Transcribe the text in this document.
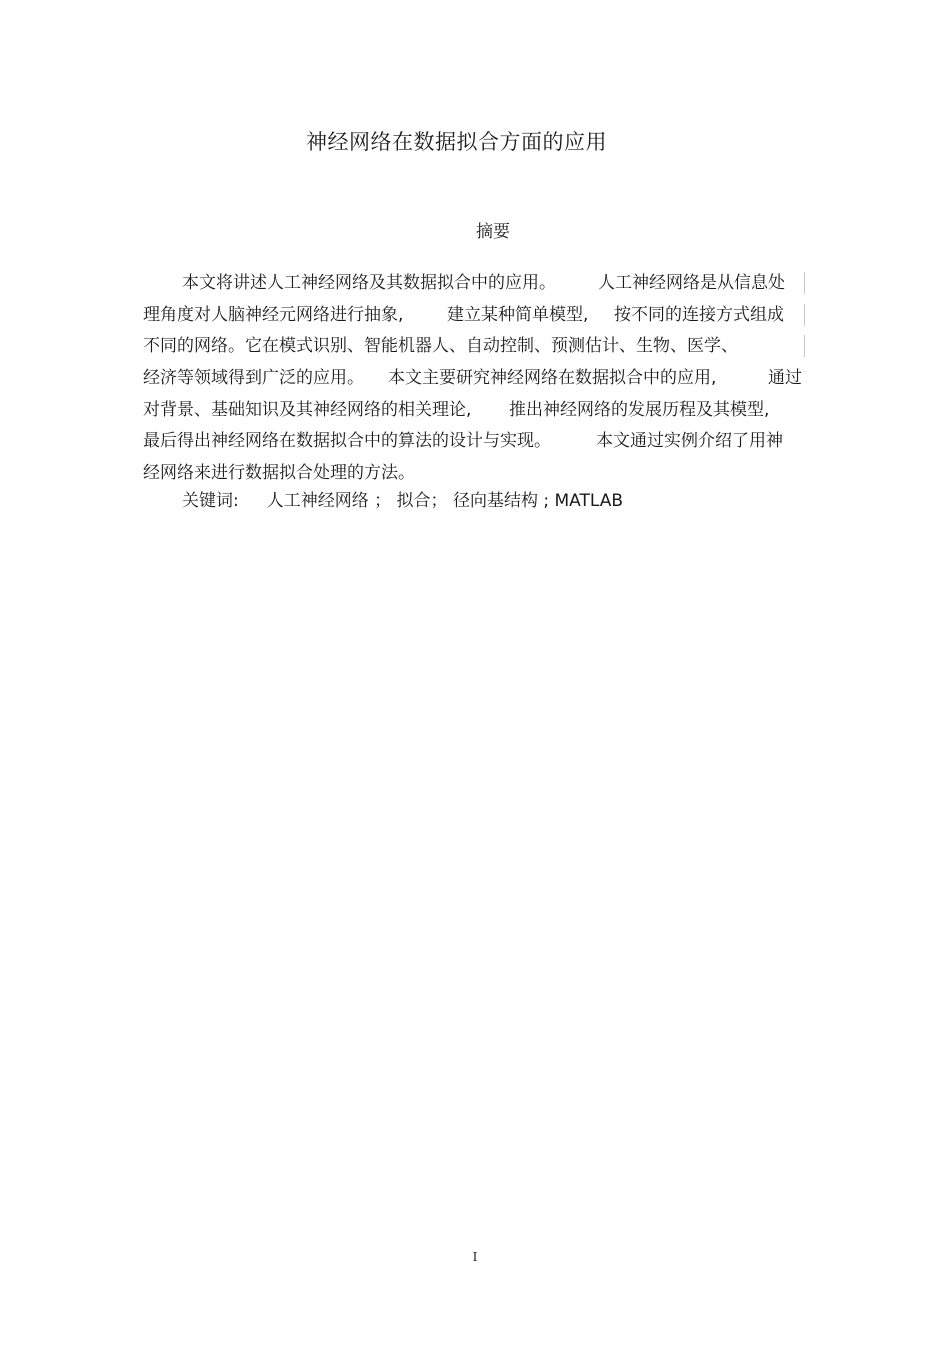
神经网络在数据拟合方面的应用
摘要
本文将讲述人工神经网络及其数据拟合中的应用。 人工神经网络是从信息处
理角度对人脑神经元网络进行抽象,	建立某种简单模型, 按不同的连接方式组成
不同的网络。它在模式识别、智能机器人、自动控制、预测估计、生物、医学、
经济等领域得到广泛的应用。 本文主要研究神经网络在数据拟合中的应用,	通过
对背景、基础知识及其神经网络的相关理论, 推出神经网络的发展历程及其模型,
最后得出神经网络在数据拟合中的算法的设计与实现。	本文通过实例介绍了用神
经网络来进行数据拟合处理的方法。
关键词: 人工神经网络 ； 拟合； 径向基结构 ; MATLAB
I
